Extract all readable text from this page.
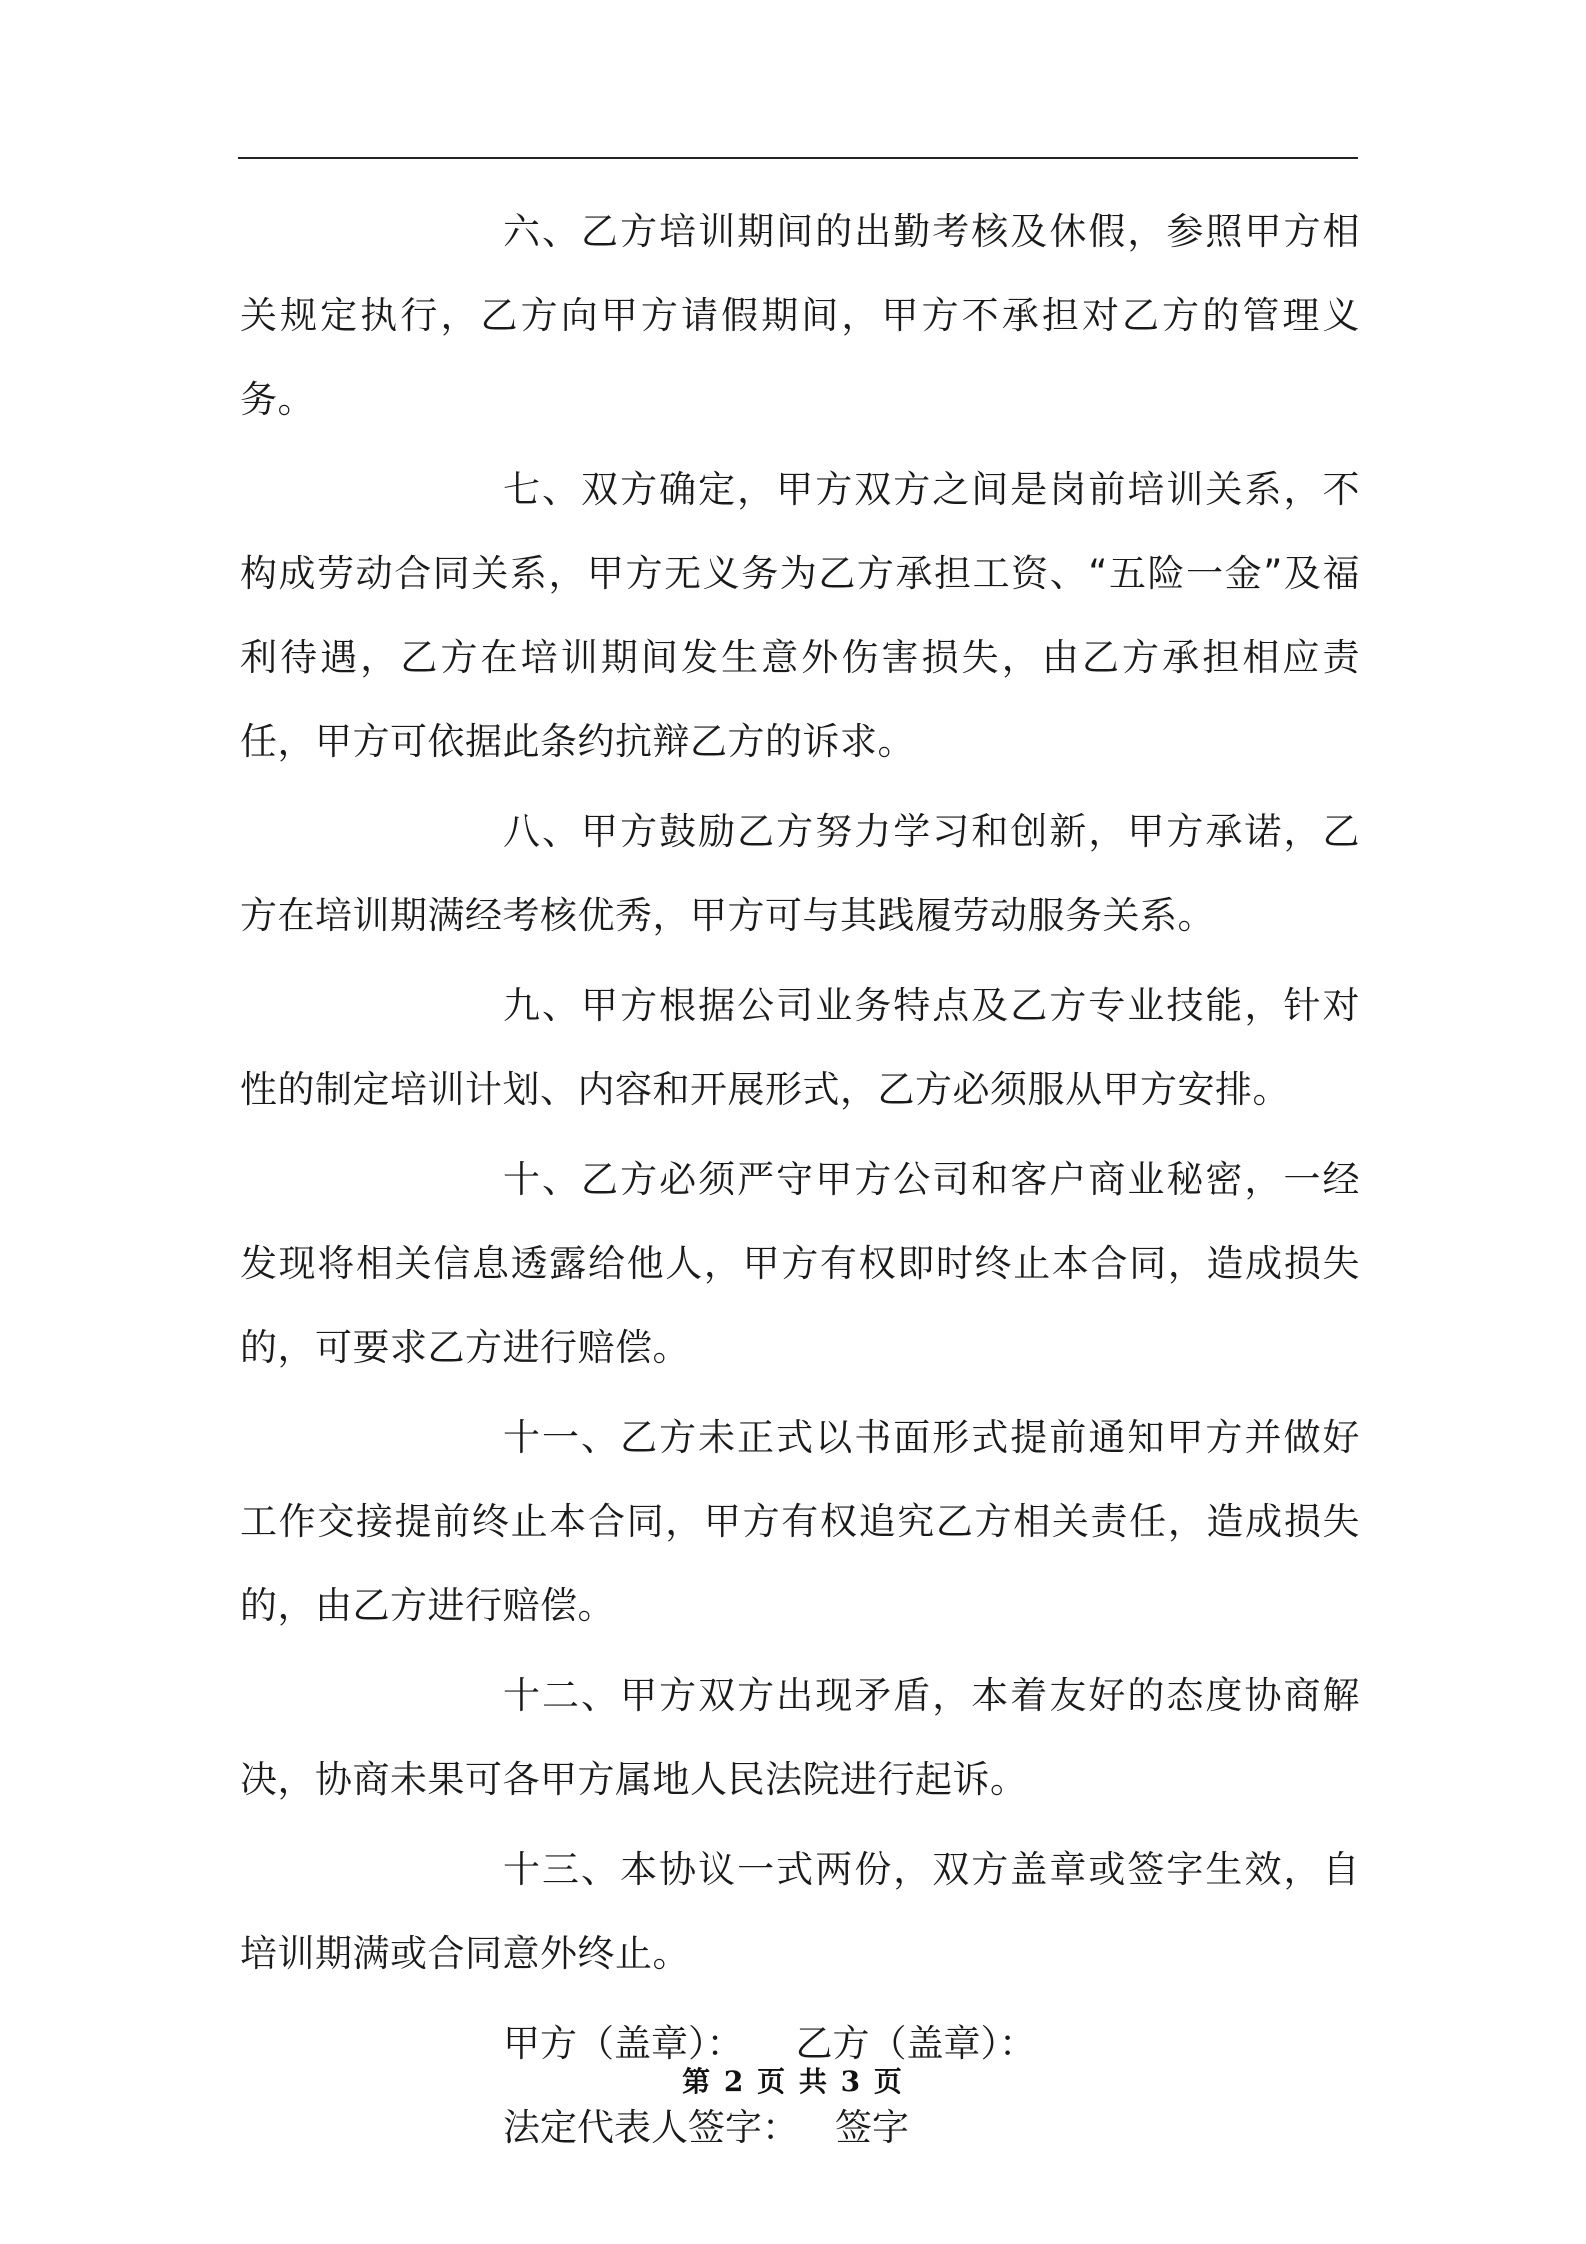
六、乙方培训期间的出勤考核及休假，参照甲方相关规定执行，乙方向甲方请假期间，甲方不承担对乙方的管理义务。

七、双方确定，甲方双方之间是岗前培训关系，不构成劳动合同关系，甲方无义务为乙方承担工资、“五险一金”及福利待遇，乙方在培训期间发生意外伤害损失，由乙方承担相应责任，甲方可依据此条约抗辩乙方的诉求。

八、甲方鼓励乙方努力学习和创新，甲方承诺，乙方在培训期满经考核优秀，甲方可与其践履劳动服务关系。

九、甲方根据公司业务特点及乙方专业技能，针对性的制定培训计划、内容和开展形式，乙方必须服从甲方安排。

十、乙方必须严守甲方公司和客户商业秘密，一经发现将相关信息透露给他人，甲方有权即时终止本合同，造成损失的，可要求乙方进行赔偿。

十一、乙方未正式以书面形式提前通知甲方并做好工作交接提前终止本合同，甲方有权追究乙方相关责任，造成损失的，由乙方进行赔偿。

十二、甲方双方出现矛盾，本着友好的态度协商解决，协商未果可各甲方属地人民法院进行起诉。

十三、本协议一式两份，双方盖章或签字生效，自培训期满或合同意外终止。

甲方（盖章）： 乙方（盖章）：
法定代表人签字： 签字
第 2 页 共 3 页
